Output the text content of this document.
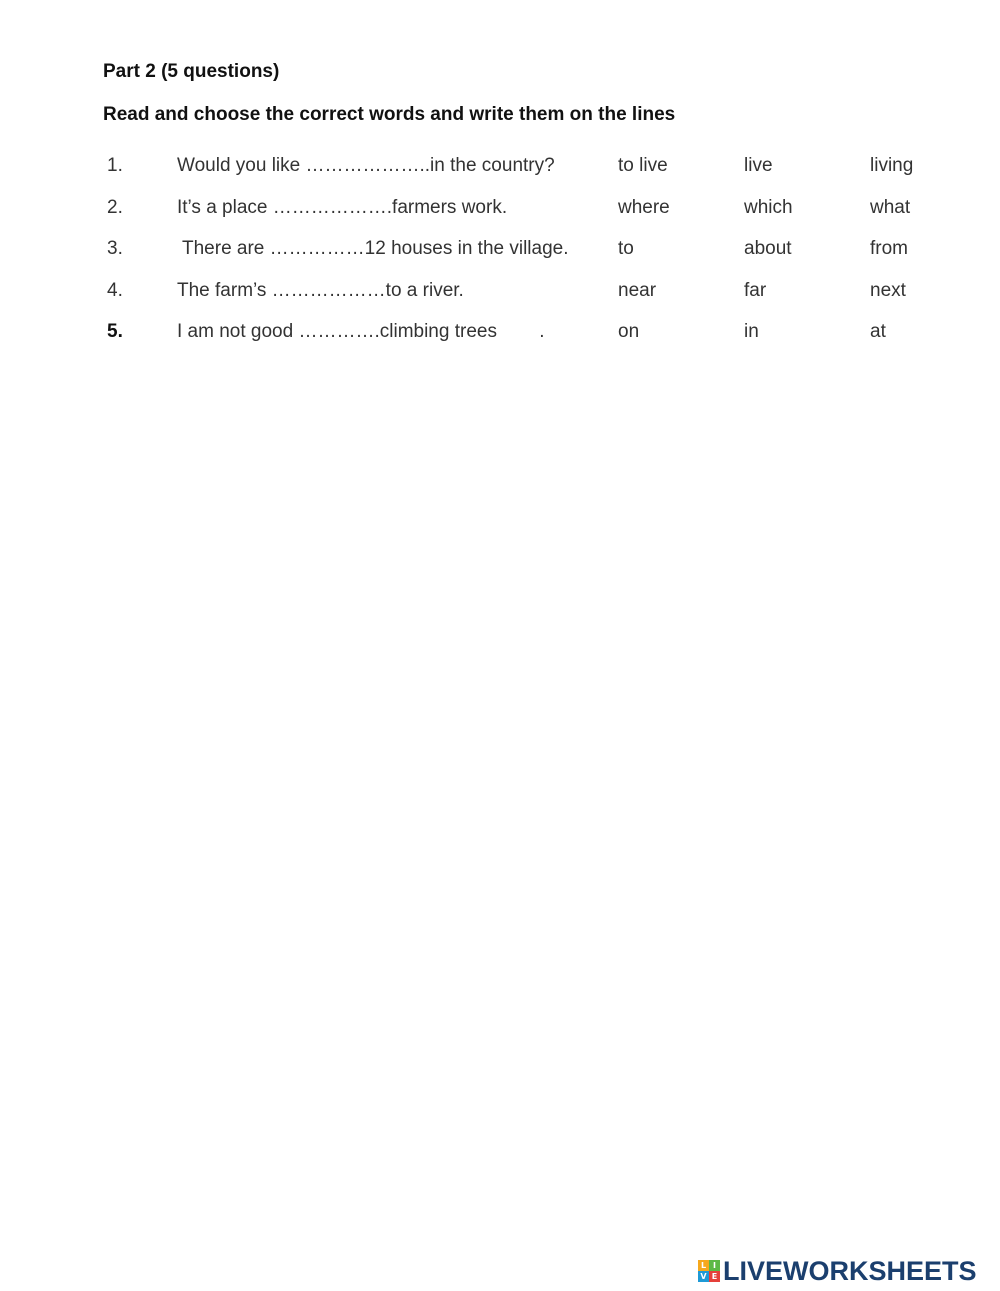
Part 2 (5 questions)
Read and choose the correct words and write them on the lines
1.	Would you like ………………..in the country?	to live	live	living
2.	It’s a place ……………….farmers work.	where	which	what
3.	There are ……………12 houses in the village.	to	about	from
4.	The farm’s ………………to a river.	near	far	next
5.	I am not good ………….climbing trees        .	on	in	at
L I
V E LIVEWORKSHEETS
